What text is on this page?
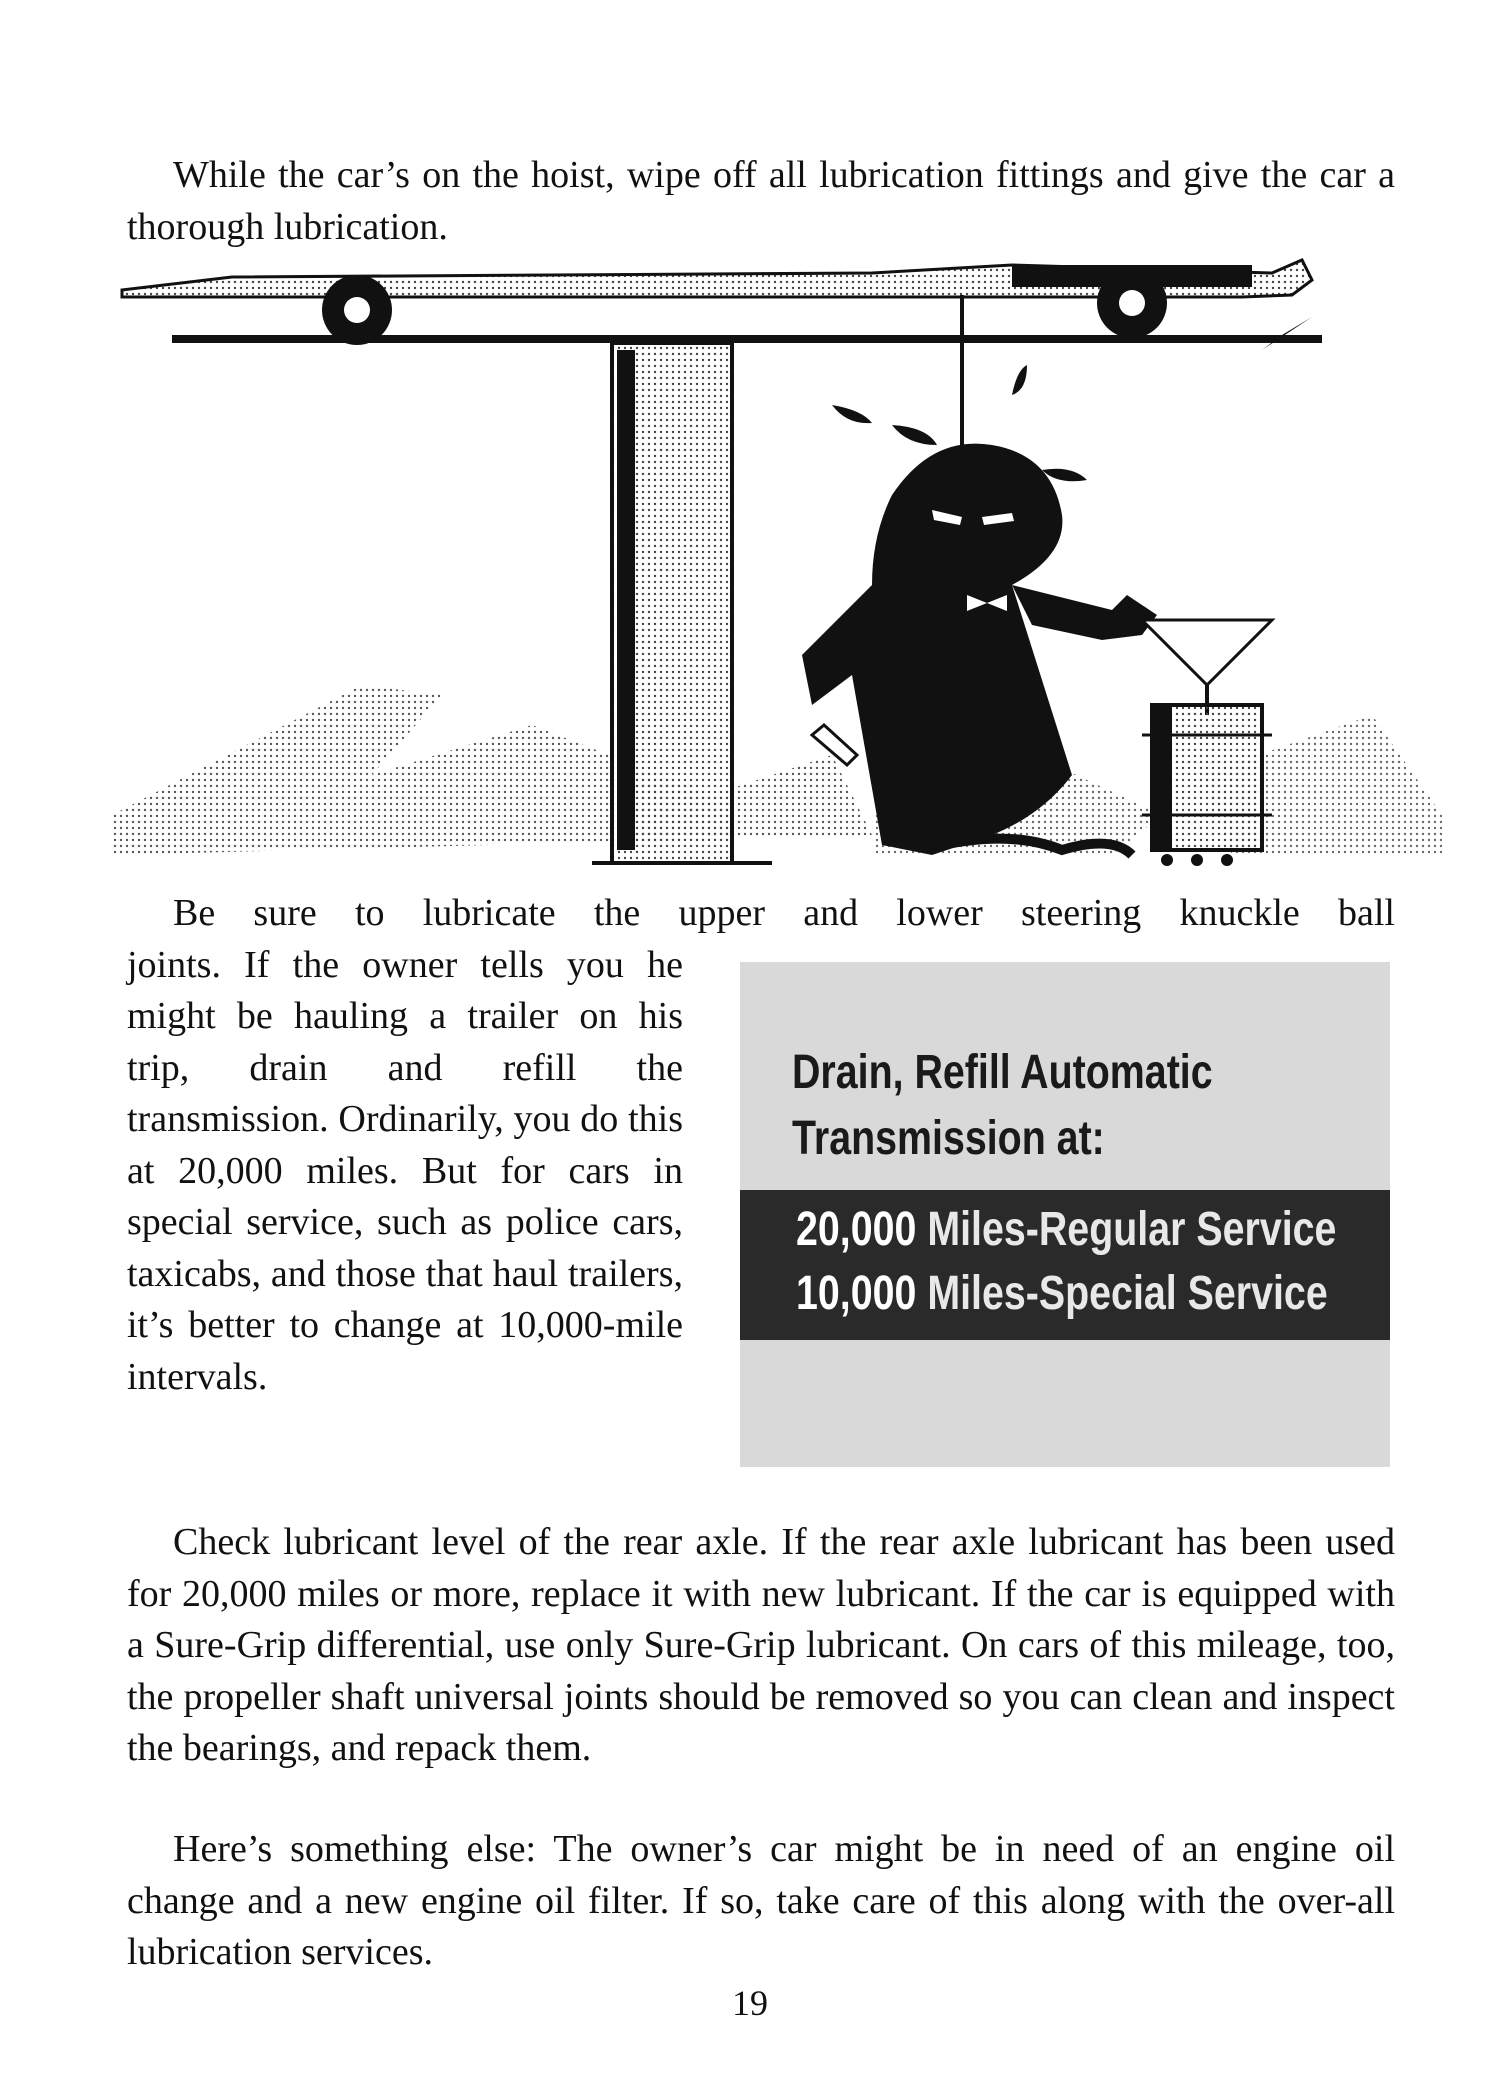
While the car’s on the hoist, wipe off all lubrication fittings and give the car a thorough lubrication.

Be sure to lubricate the upper and lower steering knuckle ball

joints. If the owner tells you he might be hauling a trailer on his trip, drain and refill the transmission. Ordinarily, you do this at 20,000 miles. But for cars in special service, such as police cars, taxicabs, and those that haul trailers, it’s better to change at 10,000-mile intervals.

Drain, Refill Automatic
Transmission at:
20,000 Miles-Regular Service
10,000 Miles-Special Service

Check lubricant level of the rear axle. If the rear axle lubricant has been used for 20,000 miles or more, replace it with new lubricant. If the car is equipped with a Sure-Grip differential, use only Sure-Grip lubricant. On cars of this mileage, too, the propeller shaft universal joints should be removed so you can clean and inspect the bearings, and repack them.

Here’s something else: The owner’s car might be in need of an engine oil change and a new engine oil filter. If so, take care of this along with the over-all lubrication services.

19
